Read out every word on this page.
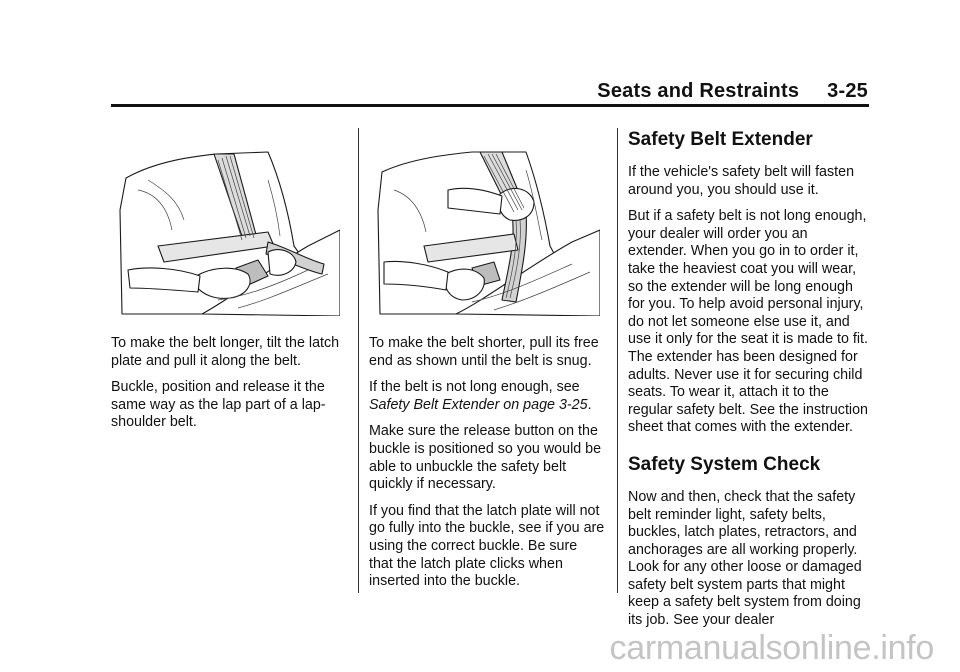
Seats and Restraints 3-25

To make the belt longer, tilt the latch plate and pull it along the belt.

Buckle, position and release it the same way as the lap part of a lap-shoulder belt.

To make the belt shorter, pull its free end as shown until the belt is snug.

If the belt is not long enough, see Safety Belt Extender on page 3-25.

Make sure the release button on the buckle is positioned so you would be able to unbuckle the safety belt quickly if necessary.

If you find that the latch plate will not go fully into the buckle, see if you are using the correct buckle. Be sure that the latch plate clicks when inserted into the buckle.

Safety Belt Extender

If the vehicle's safety belt will fasten around you, you should use it.

But if a safety belt is not long enough, your dealer will order you an extender. When you go in to order it, take the heaviest coat you will wear, so the extender will be long enough for you. To help avoid personal injury, do not let someone else use it, and use it only for the seat it is made to fit. The extender has been designed for adults. Never use it for securing child seats. To wear it, attach it to the regular safety belt. See the instruction sheet that comes with the extender.

Safety System Check

Now and then, check that the safety belt reminder light, safety belts, buckles, latch plates, retractors, and anchorages are all working properly. Look for any other loose or damaged safety belt system parts that might keep a safety belt system from doing its job. See your dealer

carmanualsonline.info
